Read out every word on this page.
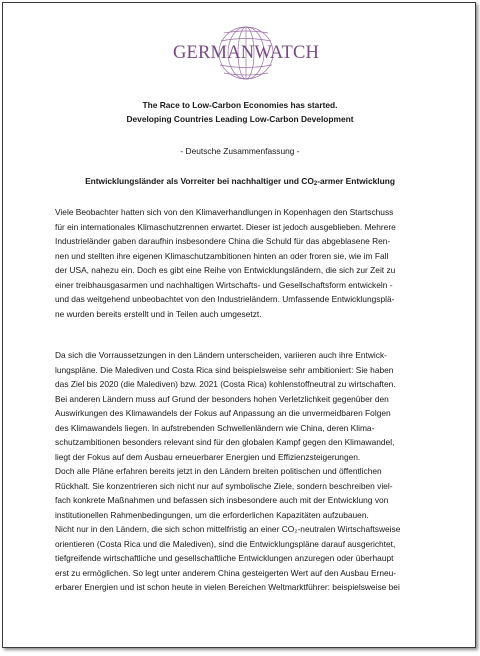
GERMANWATCH
The Race to Low-Carbon Economies has started.
Developing Countries Leading Low-Carbon Development
- Deutsche Zusammenfassung -
Entwicklungsländer als Vorreiter bei nachhaltiger und $CO_2$-armer Entwicklung
Viele Beobachter hatten sich von den Klimaverhandlungen in Kopenhagen den Startschuss
für ein internationales Klimaschutzrennen erwartet. Dieser ist jedoch ausgeblieben. Mehrere
Industrieländer gaben daraufhin insbesondere China die Schuld für das abgeblasene Ren-
nen und stellten ihre eigenen Klimaschutzambitionen hinten an oder froren sie, wie im Fall
der USA, nahezu ein. Doch es gibt eine Reihe von Entwicklungsländern, die sich zur Zeit zu
einer treibhausgasarmen und nachhaltigen Wirtschafts- und Gesellschaftsform entwickeln -
und das weitgehend unbeobachtet von den Industrieländern. Umfassende Entwicklungsplä-
ne wurden bereits erstellt und in Teilen auch umgesetzt.
Da sich die Vorraussetzungen in den Ländern unterscheiden, variieren auch ihre Entwick-
lungspläne. Die Malediven und Costa Rica sind beispielsweise sehr ambitioniert: Sie haben
das Ziel bis 2020 (die Malediven) bzw. 2021 (Costa Rica) kohlenstoffneutral zu wirtschaften.
Bei anderen Ländern muss auf Grund der besonders hohen Verletzlichkeit gegenüber den
Auswirkungen des Klimawandels der Fokus auf Anpassung an die unvermeidbaren Folgen
des Klimawandels liegen. In aufstrebenden Schwellenländern wie China, deren Klima-
schutzambitionen besonders relevant sind für den globalen Kampf gegen den Klimawandel,
liegt der Fokus auf dem Ausbau erneuerbarer Energien und Effizienzsteigerungen.
Doch alle Pläne erfahren bereits jetzt in den Ländern breiten politischen und öffentlichen
Rückhalt. Sie konzentrieren sich nicht nur auf symbolische Ziele, sondern beschreiben viel-
fach konkrete Maßnahmen und befassen sich insbesondere auch mit der Entwicklung von
institutionellen Rahmenbedingungen, um die erforderlichen Kapazitäten aufzubauen.
Nicht nur in den Ländern, die sich schon mittelfristig an einer CO₂-neutralen Wirtschaftsweise
orientieren (Costa Rica und die Malediven), sind die Entwicklungspläne darauf ausgerichtet,
tiefgreifende wirtschaftliche und gesellschaftliche Entwicklungen anzuregen oder überhaupt
erst zu ermöglichen. So legt unter anderem China gesteigerten Wert auf den Ausbau Erneu-
erbarer Energien und ist schon heute in vielen Bereichen Weltmarktführer: beispielsweise bei
